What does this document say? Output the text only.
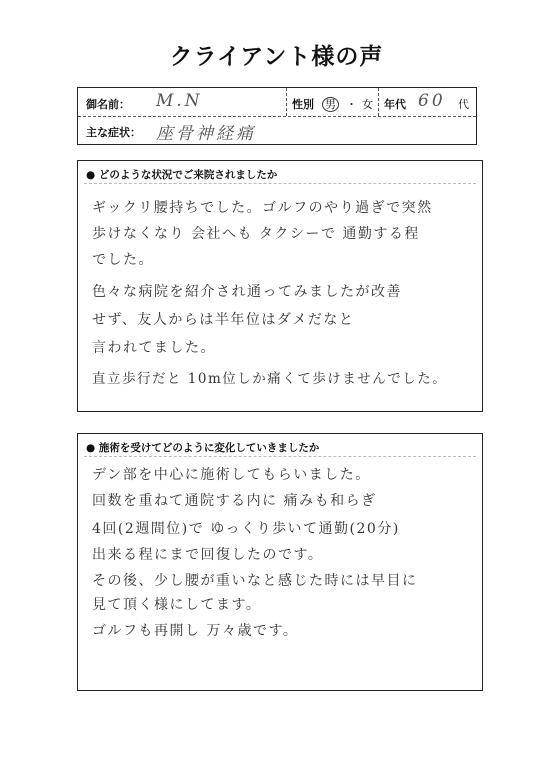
クライアント様の声
御名前： M.N	性別 男 ・ 女 年代 60 代
主な症状： 座骨神経痛
● どのような状況でご来院されましたか
ギックリ腰持ちでした。ゴルフのやり過ぎで突然
歩けなくなり 会社へも タクシーで 通勤する程
でした。
色々な病院を紹介され通ってみましたが改善
せず、友人からは半年位はダメだなと
言われてました。
直立歩行だと 10m位しか痛くて歩けませんでした。
● 施術を受けてどのように変化していきましたか
デン部を中心に施術してもらいました。
回数を重ねて通院する内に 痛みも和らぎ
4回(2週間位)で ゆっくり歩いて通勤(20分)
出来る程にまで回復したのです。
その後、少し腰が重いなと感じた時には早目に
見て頂く様にしてます。
ゴルフも再開し 万々歳です。
